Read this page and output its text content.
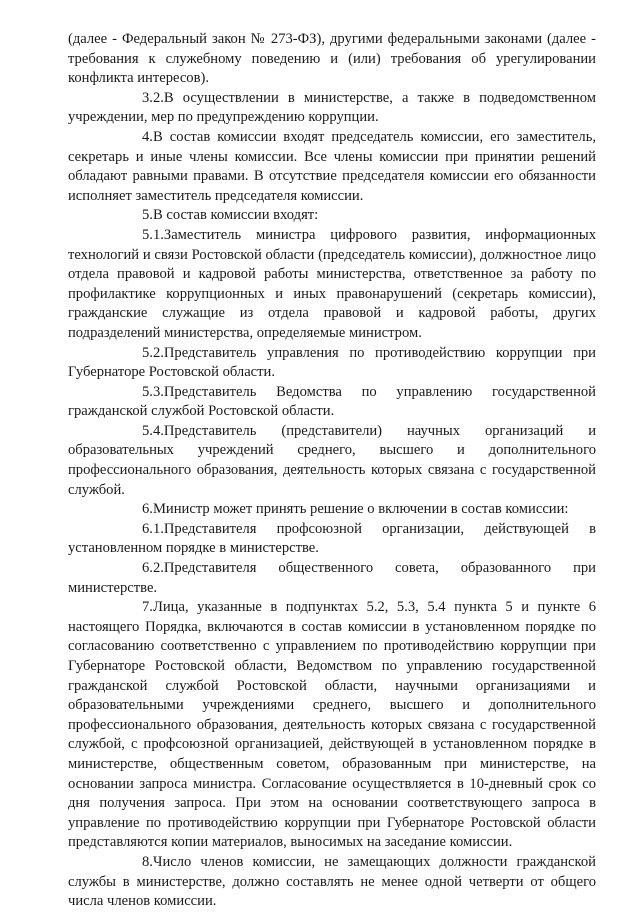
(далее - Федеральный закон № 273-ФЗ), другими федеральными законами (далее - требования к служебному поведению и (или) требования об урегулировании конфликта интересов).

3.2.В осуществлении в министерстве, а также в подведомственном учреждении, мер по предупреждению коррупции.

4.В состав комиссии входят председатель комиссии, его заместитель, секретарь и иные члены комиссии. Все члены комиссии при принятии решений обладают равными правами. В отсутствие председателя комиссии его обязанности исполняет заместитель председателя комиссии.

5.В состав комиссии входят:

5.1.Заместитель министра цифрового развития, информационных технологий и связи Ростовской области (председатель комиссии), должностное лицо отдела правовой и кадровой работы министерства, ответственное за работу по профилактике коррупционных и иных правонарушений (секретарь комиссии), гражданские служащие из отдела правовой и кадровой работы, других подразделений министерства, определяемые министром.

5.2.Представитель управления по противодействию коррупции при Губернаторе Ростовской области.

5.3.Представитель Ведомства по управлению государственной гражданской службой Ростовской области.

5.4.Представитель (представители) научных организаций и образовательных учреждений среднего, высшего и дополнительного профессионального образования, деятельность которых связана с государственной службой.

6.Министр может принять решение о включении в состав комиссии:

6.1.Представителя профсоюзной организации, действующей в установленном порядке в министерстве.

6.2.Представителя общественного совета, образованного при министерстве.

7.Лица, указанные в подпунктах 5.2, 5.3, 5.4 пункта 5 и пункте 6 настоящего Порядка, включаются в состав комиссии в установленном порядке по согласованию соответственно с управлением по противодействию коррупции при Губернаторе Ростовской области, Ведомством по управлению государственной гражданской службой Ростовской области, научными организациями и образовательными учреждениями среднего, высшего и дополнительного профессионального образования, деятельность которых связана с государственной службой, с профсоюзной организацией, действующей в установленном порядке в министерстве, общественным советом, образованным при министерстве, на основании запроса министра. Согласование осуществляется в 10-дневный срок со дня получения запроса. При этом на основании соответствующего запроса в управление по противодействию коррупции при Губернаторе Ростовской области представляются копии материалов, выносимых на заседание комиссии.

8.Число членов комиссии, не замещающих должности гражданской службы в министерстве, должно составлять не менее одной четверти от общего числа членов комиссии.
